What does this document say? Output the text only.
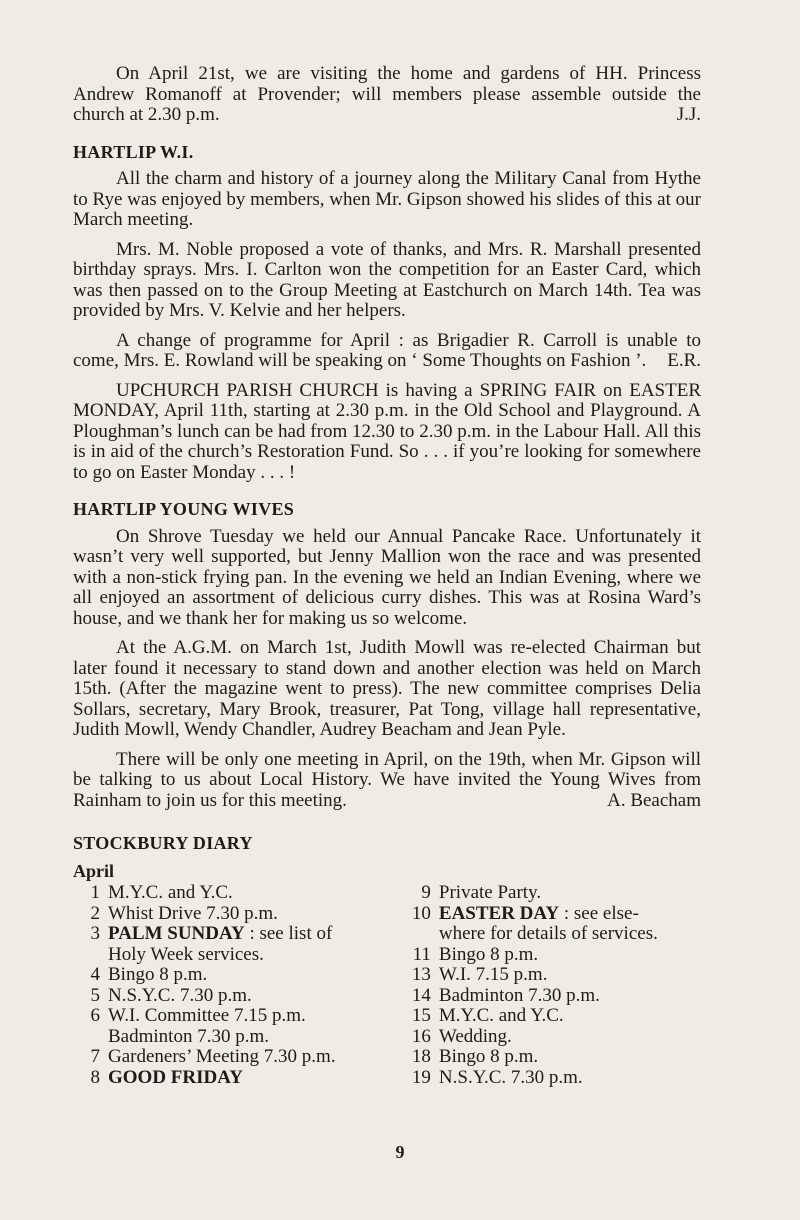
On April 21st, we are visiting the home and gardens of HH. Princess Andrew Romanoff at Provender; will members please assemble outside the church at 2.30 p.m.	J.J.

HARTLIP W.I.

All the charm and history of a journey along the Military Canal from Hythe to Rye was enjoyed by members, when Mr. Gipson showed his slides of this at our March meeting.

Mrs. M. Noble proposed a vote of thanks, and Mrs. R. Marshall presented birthday sprays. Mrs. I. Carlton won the competition for an Easter Card, which was then passed on to the Group Meeting at Eastchurch on March 14th. Tea was provided by Mrs. V. Kelvie and her helpers.

A change of programme for April : as Brigadier R. Carroll is unable to come, Mrs. E. Rowland will be speaking on ‘ Some Thoughts on Fashion ’. E.R.

UPCHURCH PARISH CHURCH is having a SPRING FAIR on EASTER MONDAY, April 11th, starting at 2.30 p.m. in the Old School and Playground. A Ploughman’s lunch can be had from 12.30 to 2.30 p.m. in the Labour Hall. All this is in aid of the church’s Restoration Fund. So . . . if you’re looking for somewhere to go on Easter Monday . . . !

HARTLIP YOUNG WIVES

On Shrove Tuesday we held our Annual Pancake Race. Unfortunately it wasn’t very well supported, but Jenny Mallion won the race and was presented with a non-stick frying pan. In the evening we held an Indian Evening, where we all enjoyed an assortment of delicious curry dishes. This was at Rosina Ward’s house, and we thank her for making us so welcome.

At the A.G.M. on March 1st, Judith Mowll was re-elected Chairman but later found it necessary to stand down and another election was held on March 15th. (After the magazine went to press). The new committee comprises Delia Sollars, secretary, Mary Brook, treasurer, Pat Tong, village hall representative, Judith Mowll, Wendy Chandler, Audrey Beacham and Jean Pyle.

There will be only one meeting in April, on the 19th, when Mr. Gipson will be talking to us about Local History. We have invited the Young Wives from Rainham to join us for this meeting.	A. Beacham

STOCKBURY DIARY
April
1 M.Y.C. and Y.C.
2 Whist Drive 7.30 p.m.
3 PALM SUNDAY : see list of
Holy Week services.
4 Bingo 8 p.m.
5 N.S.Y.C. 7.30 p.m.
6 W.I. Committee 7.15 p.m.
Badminton 7.30 p.m.
7 Gardeners’ Meeting 7.30 p.m.
8 GOOD FRIDAY
9 Private Party.
10 EASTER DAY : see else-
where for details of services.
11 Bingo 8 p.m.
13 W.I. 7.15 p.m.
14 Badminton 7.30 p.m.
15 M.Y.C. and Y.C.
16 Wedding.
18 Bingo 8 p.m.
19 N.S.Y.C. 7.30 p.m.
9
